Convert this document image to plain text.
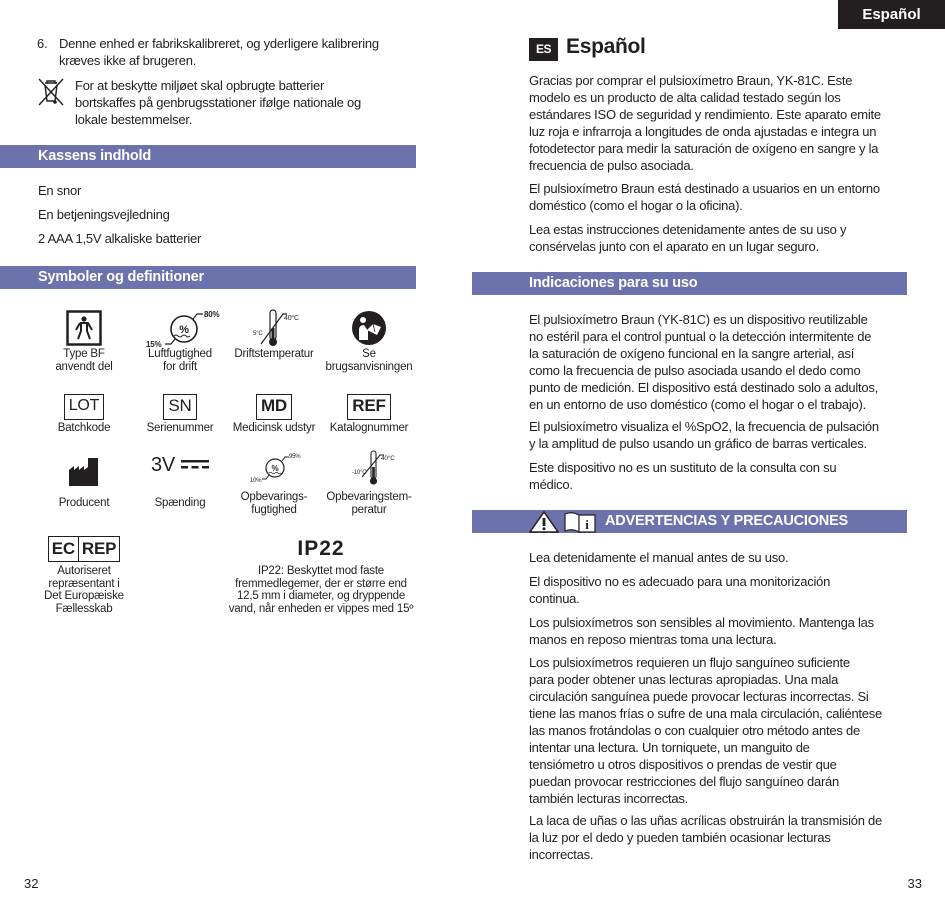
6. Denne enhed er fabrikskalibreret, og yderligere kalibrering
kræves ikke af brugeren.
For at beskytte miljøet skal opbrugte batterier
bortskaffes på genbrugsstationer ifølge nationale og
lokale bestemmelser.
Kassens indhold
En snor
En betjeningsvejledning
2 AAA 1,5V alkaliske batterier
Symboler og definitioner
Type BF
anvendt del
%
80%
15%
Luftfugtighed
for drift
40°C
5°C
Driftstemperatur	Se
brugsanvisningen
LOT
Batchkode
SN
Serienummer
MD
Medicinsk udstyr
REF
Katalognummer
Producent
3V
Spænding
%
95%
10%
Opbevarings-
fugtighed
40°C
-10°C
Opbevaringstem-
peratur
EC REP
Autoriseret
repræsentant i
Det Europæiske
Fællesskab
IP22
IP22: Beskyttet mod faste
fremmedlegemer, der er større end
12,5 mm i diameter, og dryppende
vand, når enheden er vippes med 15º
32
Español
ES Español
Gracias por comprar el pulsioxímetro Braun, YK-81C. Este
modelo es un producto de alta calidad testado según los
estándares ISO de seguridad y rendimiento. Este aparato emite
luz roja e infrarroja a longitudes de onda ajustadas e integra un
fotodetector para medir la saturación de oxígeno en sangre y la
frecuencia de pulso asociada.
El pulsioxímetro Braun está destinado a usuarios en un entorno
doméstico (como el hogar o la oficina).
Lea estas instrucciones detenidamente antes de su uso y
consérvelas junto con el aparato en un lugar seguro.
Indicaciones para su uso
El pulsioxímetro Braun (YK-81C) es un dispositivo reutilizable
no estéril para el control puntual o la detección intermitente de
la saturación de oxígeno funcional en la sangre arterial, así
como la frecuencia de pulso asociada usando el dedo como
punto de medición. El dispositivo está destinado solo a adultos,
en un entorno de uso doméstico (como el hogar o el trabajo).
El pulsioxímetro visualiza el %SpO2, la frecuencia de pulsación
y la amplitud de pulso usando un gráfico de barras verticales.
Este dispositivo no es un sustituto de la consulta con su
médico.
i ADVERTENCIAS Y PRECAUCIONES
Lea detenidamente el manual antes de su uso.
El dispositivo no es adecuado para una monitorización
continua.
Los pulsioxímetros son sensibles al movimiento. Mantenga las
manos en reposo mientras toma una lectura.
Los pulsioxímetros requieren un flujo sanguíneo suficiente
para poder obtener unas lecturas apropiadas. Una mala
circulación sanguínea puede provocar lecturas incorrectas. Si
tiene las manos frías o sufre de una mala circulación, caliéntese
las manos frotándolas o con cualquier otro método antes de
intentar una lectura. Un torniquete, un manguito de
tensiómetro u otros dispositivos o prendas de vestir que
puedan provocar restricciones del flujo sanguíneo darán
también lecturas incorrectas.
La laca de uñas o las uñas acrílicas obstruirán la transmisión de
la luz por el dedo y pueden también ocasionar lecturas
incorrectas.
33
